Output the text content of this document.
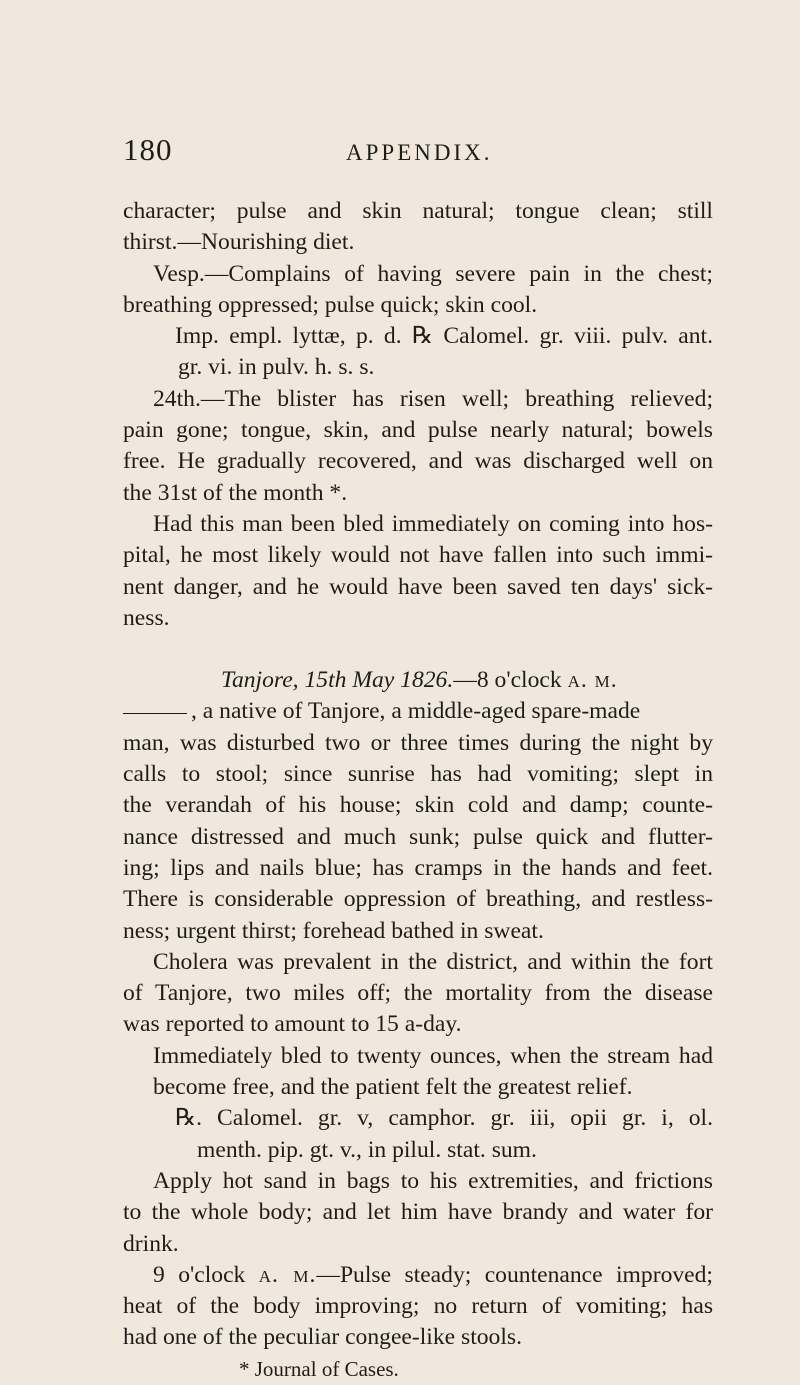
180	APPENDIX.
character; pulse and skin natural; tongue clean; still
thirst.—Nourishing diet.
Vesp.—Complains of having severe pain in the chest;
breathing oppressed; pulse quick; skin cool.
Imp. empl. lyttæ, p. d. ℞ Calomel. gr. viii. pulv. ant.
gr. vi. in pulv. h. s. s.
24th.—The blister has risen well; breathing relieved;
pain gone; tongue, skin, and pulse nearly natural; bowels
free. He gradually recovered, and was discharged well on
the 31st of the month *.
Had this man been bled immediately on coming into hos-
pital, he most likely would not have fallen into such immi-
nent danger, and he would have been saved ten days' sick-
ness.
Tanjore, 15th May 1826.—8 o'clock a. m.
, a native of Tanjore, a middle-aged spare-made
man, was disturbed two or three times during the night by
calls to stool; since sunrise has had vomiting; slept in
the verandah of his house; skin cold and damp; counte-
nance distressed and much sunk; pulse quick and flutter-
ing; lips and nails blue; has cramps in the hands and feet.
There is considerable oppression of breathing, and restless-
ness; urgent thirst; forehead bathed in sweat.
Cholera was prevalent in the district, and within the fort
of Tanjore, two miles off; the mortality from the disease
was reported to amount to 15 a-day.
Immediately bled to twenty ounces, when the stream had
become free, and the patient felt the greatest relief.
℞. Calomel. gr. v, camphor. gr. iii, opii gr. i, ol.
menth. pip. gt. v., in pilul. stat. sum.
Apply hot sand in bags to his extremities, and frictions
to the whole body; and let him have brandy and water for
drink.
9 o'clock a. m.—Pulse steady; countenance improved;
heat of the body improving; no return of vomiting; has
had one of the peculiar congee-like stools.
* Journal of Cases.
